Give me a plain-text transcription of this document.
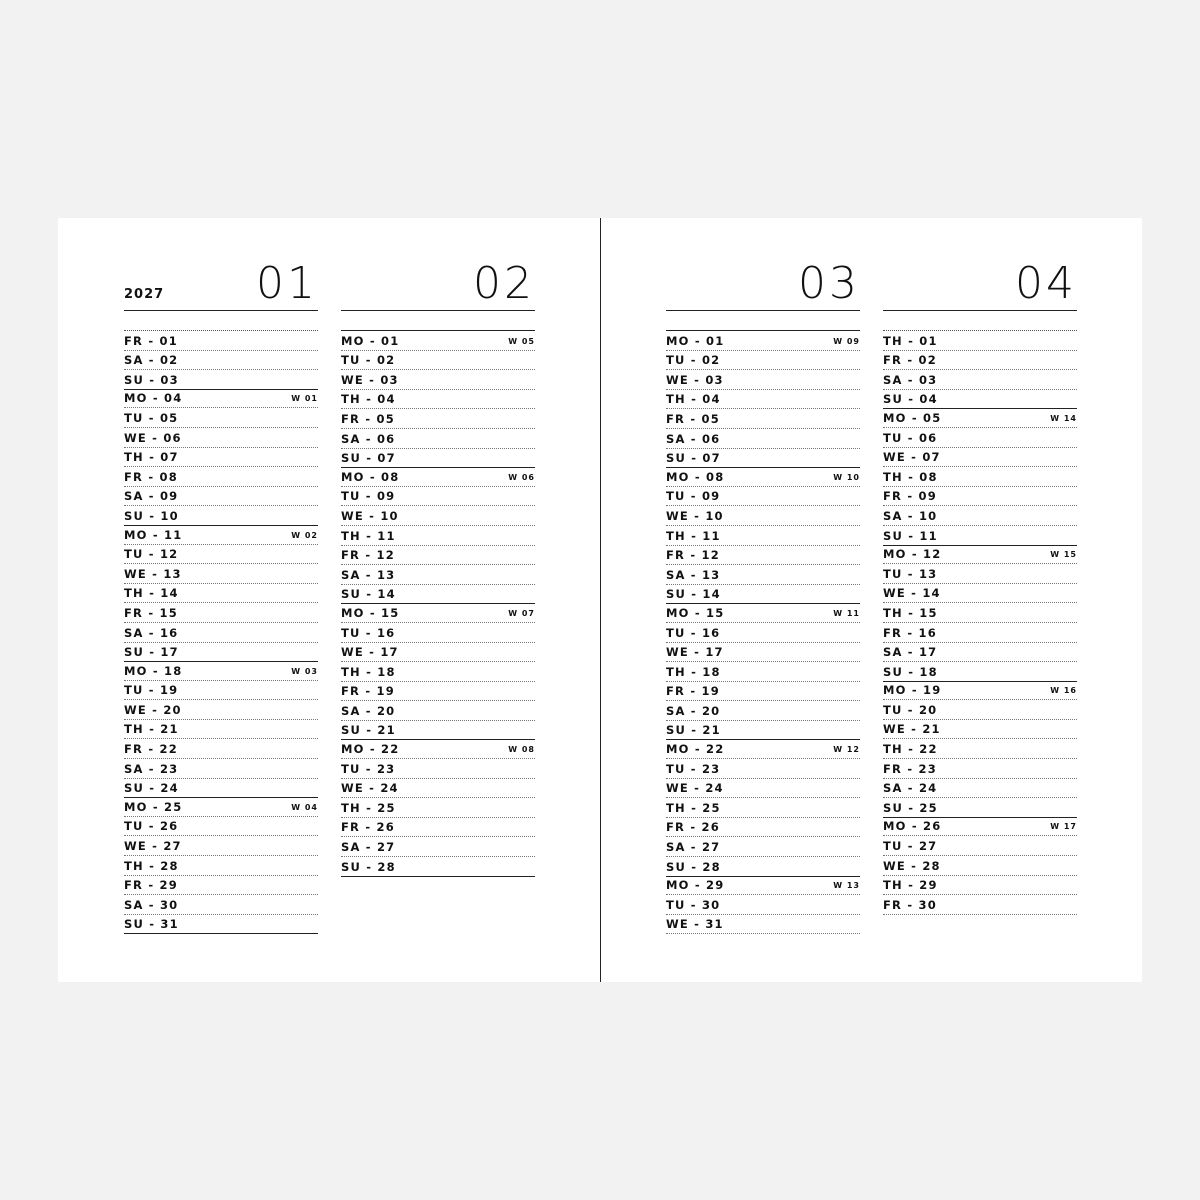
2027 01
FR - 01
SA - 02
SU - 03
MO - 04	W 01
TU - 05
WE - 06
TH - 07
FR - 08
SA - 09
SU - 10
MO - 11	W 02
TU - 12
WE - 13
TH - 14
FR - 15
SA - 16
SU - 17
MO - 18	W 03
TU - 19
WE - 20
TH - 21
FR - 22
SA - 23
SU - 24
MO - 25	W 04
TU - 26
WE - 27
TH - 28
FR - 29
SA - 30
SU - 31
02
MO - 01	W 05
TU - 02
WE - 03
TH - 04
FR - 05
SA - 06
SU - 07
MO - 08	W 06
TU - 09
WE - 10
TH - 11
FR - 12
SA - 13
SU - 14
MO - 15	W 07
TU - 16
WE - 17
TH - 18
FR - 19
SA - 20
SU - 21
MO - 22	W 08
TU - 23
WE - 24
TH - 25
FR - 26
SA - 27
SU - 28
03
MO - 01	W 09
TU - 02
WE - 03
TH - 04
FR - 05
SA - 06
SU - 07
MO - 08	W 10
TU - 09
WE - 10
TH - 11
FR - 12
SA - 13
SU - 14
MO - 15	W 11
TU - 16
WE - 17
TH - 18
FR - 19
SA - 20
SU - 21
MO - 22	W 12
TU - 23
WE - 24
TH - 25
FR - 26
SA - 27
SU - 28
MO - 29	W 13
TU - 30
WE - 31
04
TH - 01
FR - 02
SA - 03
SU - 04
MO - 05	W 14
TU - 06
WE - 07
TH - 08
FR - 09
SA - 10
SU - 11
MO - 12	W 15
TU - 13
WE - 14
TH - 15
FR - 16
SA - 17
SU - 18
MO - 19	W 16
TU - 20
WE - 21
TH - 22
FR - 23
SA - 24
SU - 25
MO - 26	W 17
TU - 27
WE - 28
TH - 29
FR - 30
